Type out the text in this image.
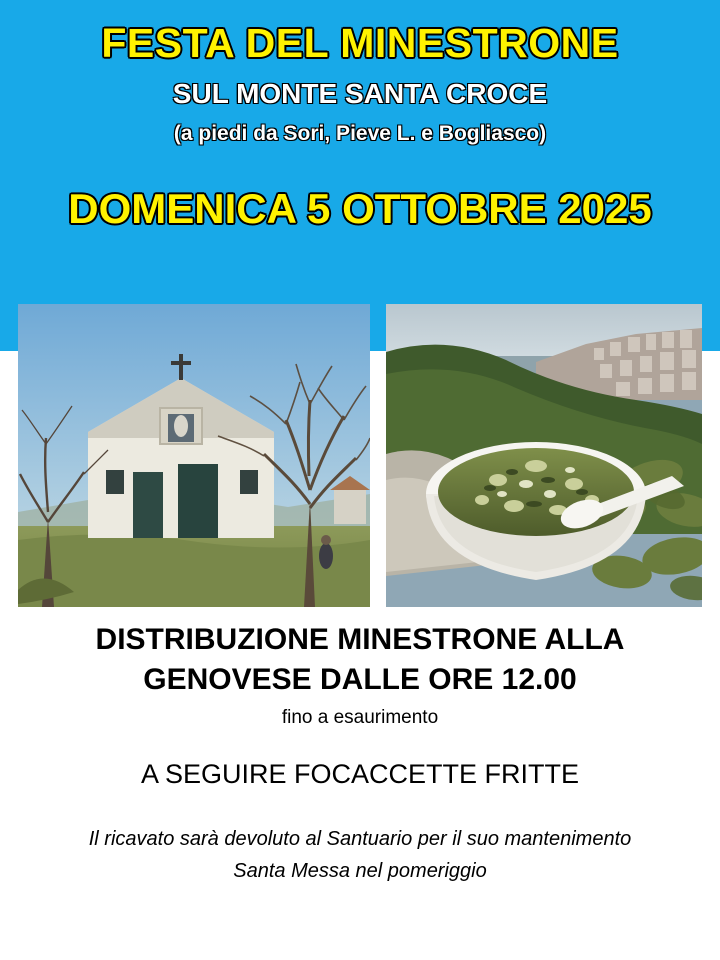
FESTA DEL MINESTRONE
SUL MONTE SANTA CROCE
(a piedi da Sori, Pieve L. e Bogliasco)
DOMENICA 5 OTTOBRE 2025
DISTRIBUZIONE MINESTRONE ALLA
GENOVESE DALLE ORE 12.00
fino a esaurimento
A SEGUIRE FOCACCETTE FRITTE
Il ricavato sarà devoluto al Santuario per il suo mantenimento
Santa Messa nel pomeriggio
